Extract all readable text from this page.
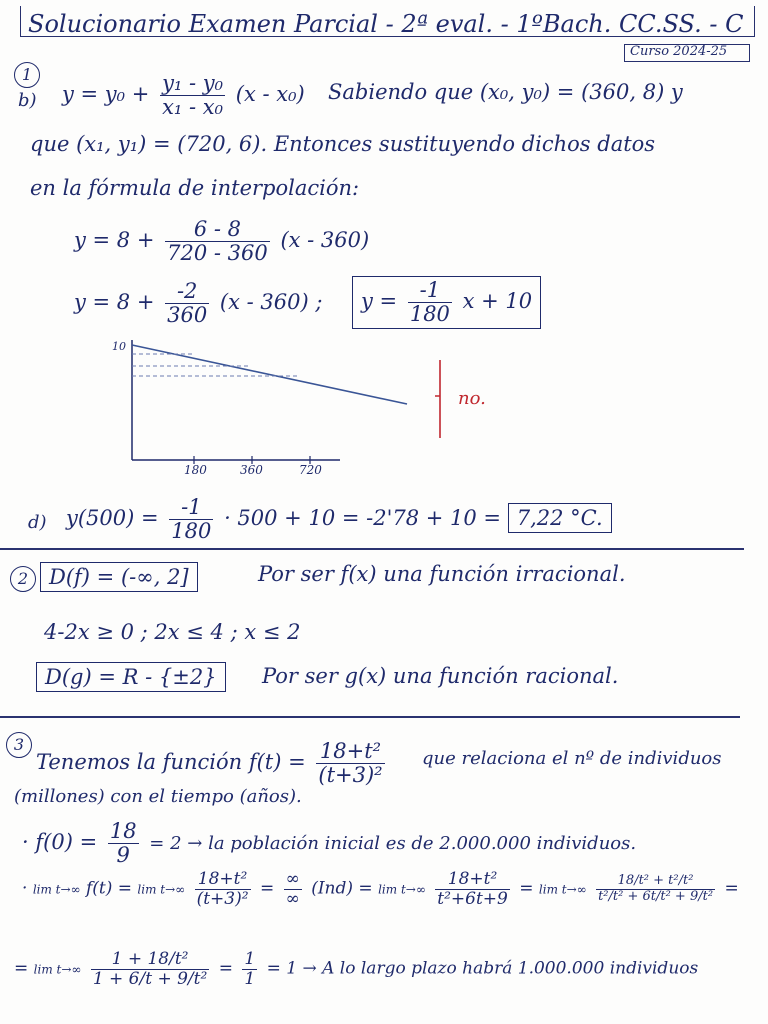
Solucionario Examen Parcial - 2ª eval. - 1ºBach. CC.SS. - C
Curso 2024-25
1
b) $y = y_0 + \frac{\text{y₁ - y₀}}{\text{x₁ - x₀}} (x - x_0)$ Sabiendo que (x₀, y₀) = (360, 8) y
que (x₁, y₁) = (720, 6). Entonces sustituyendo dichos datos
en la fórmula de interpolación:
$y = 8 + \frac{6 - 8}{720 - 360} (x - 360)$
$y = 8 + \frac{-2}{360} (x - 360)$ ;	$y = \frac{-1}{180}$ x + 10
10
180	360	720
no.
d) $y(500) = \frac{-1}{180} \cdot 500 + 10 = -2'78 + 10 = 7,22$ °C.
2 D(f) = (-∞, 2]	Por ser f(x) una función irracional.
4-2x ≥ 0 ; 2x ≤ 4 ; x ≤ 2
D(g) = R - {±2}	Por ser g(x) una función racional.
3
Tenemos la función $f(t) = \frac{\text{18+t²}}{\text{(t+3)²}}$ que relaciona el nº de individuos
(millones) con el tiempo (años).
· $f(0) = \frac{18}{9} = 2$ → la población inicial es de 2.000.000 individuos.
· lim t→∞ $f(t) = \lim t\to\infty \frac{\text{18+t²}}{\text{(t+3)²}} = \frac{\infty}{\infty} (Ind) = \lim t\to\infty \frac{\text{18+t²}}{\text{t²+6t+9}} = \lim t\to\infty \frac{\text{18/t² + t²/t²}}{\text{t²/t² + 6t/t² + 9/t²}}$ =
= $\lim t\to\infty \frac{\text{1 + 18/t²}}{\text{1 + 6/t + 9/t²}} = \frac{1}{1} = 1 \to A$ lo largo plazo habrá 1.000.000 individuos
